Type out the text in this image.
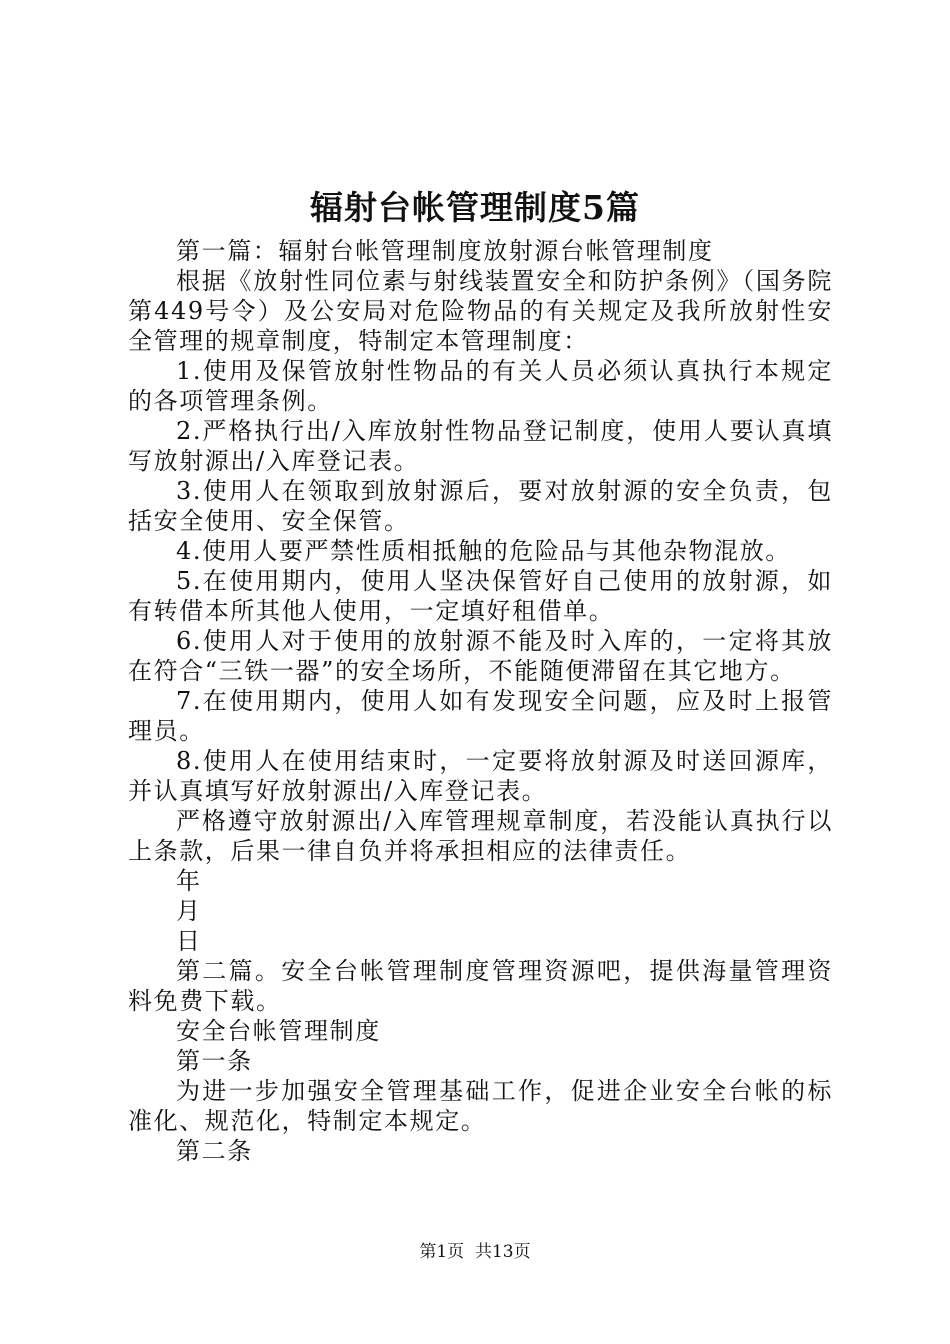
辐射台帐管理制度5篇

第一篇：辐射台帐管理制度放射源台帐管理制度

根据《放射性同位素与射线装置安全和防护条例》（国务院第449号令）及公安局对危险物品的有关规定及我所放射性安全管理的规章制度，特制定本管理制度：

1.使用及保管放射性物品的有关人员必须认真执行本规定的各项管理条例。

2.严格执行出/入库放射性物品登记制度，使用人要认真填写放射源出/入库登记表。

3.使用人在领取到放射源后，要对放射源的安全负责，包括安全使用、安全保管。

4.使用人要严禁性质相抵触的危险品与其他杂物混放。

5.在使用期内，使用人坚决保管好自己使用的放射源，如有转借本所其他人使用，一定填好租借单。

6.使用人对于使用的放射源不能及时入库的，一定将其放在符合“三铁一器”的安全场所，不能随便滞留在其它地方。

7.在使用期内，使用人如有发现安全问题，应及时上报管理员。

8.使用人在使用结束时，一定要将放射源及时送回源库，并认真填写好放射源出/入库登记表。

严格遵守放射源出/入库管理规章制度，若没能认真执行以上条款，后果一律自负并将承担相应的法律责任。

年

月

日

第二篇。安全台帐管理制度管理资源吧，提供海量管理资料免费下载。

安全台帐管理制度

第一条

为进一步加强安全管理基础工作，促进企业安全台帐的标准化、规范化，特制定本规定。

第二条

第1页  共13页
